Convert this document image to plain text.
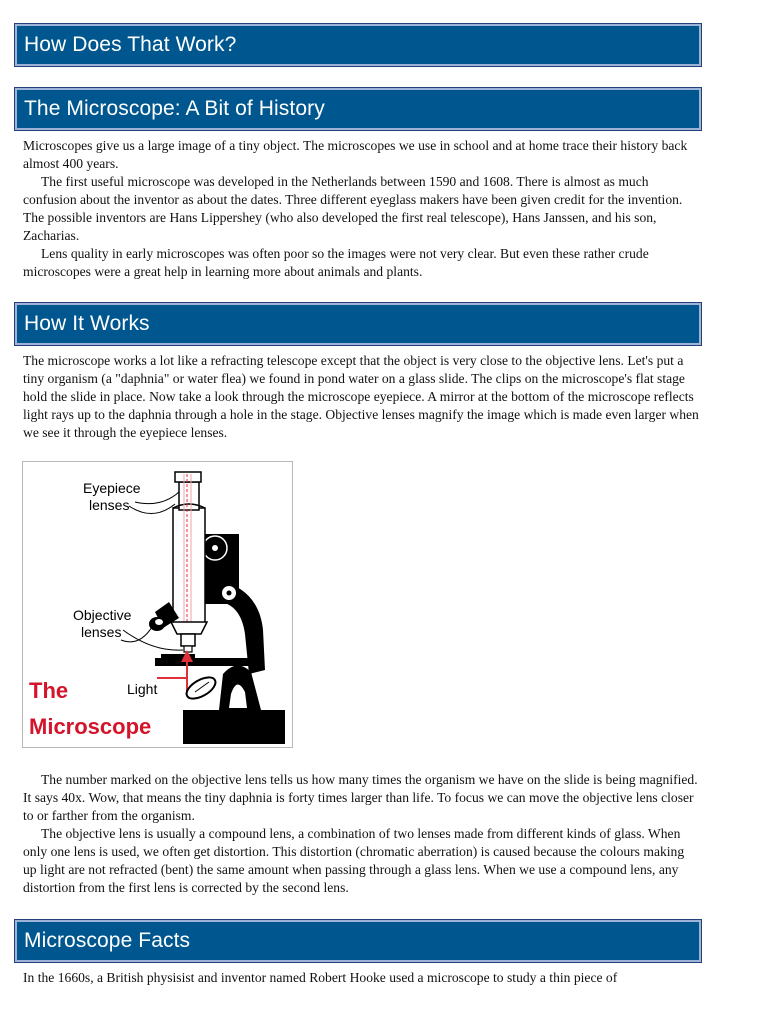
How Does That Work?
The Microscope: A Bit of History

Microscopes give us a large image of a tiny object. The microscopes we use in school and at home trace their history back almost 400 years.

The first useful microscope was developed in the Netherlands between 1590 and 1608. There is almost as much confusion about the inventor as about the dates. Three different eyeglass makers have been given credit for the invention. The possible inventors are Hans Lippershey (who also developed the first real telescope), Hans Janssen, and his son, Zacharias.

Lens quality in early microscopes was often poor so the images were not very clear. But even these rather crude microscopes were a great help in learning more about animals and plants.

How It Works

The microscope works a lot like a refracting telescope except that the object is very close to the objective lens. Let's put a tiny organism (a "daphnia" or water flea) we found in pond water on a glass slide. The clips on the microscope's flat stage hold the slide in place. Now take a look through the microscope eyepiece. A mirror at the bottom of the microscope reflects light rays up to the daphnia through a hole in the stage. Objective lenses magnify the image which is made even larger when we see it through the eyepiece lenses.

Eyepiece
lenses
Objective
lenses
Light
The
Microscope

The number marked on the objective lens tells us how many times the organism we have on the slide is being magnified. It says 40x. Wow, that means the tiny daphnia is forty times larger than life. To focus we can move the objective lens closer to or farther from the organism.

The objective lens is usually a compound lens, a combination of two lenses made from different kinds of glass. When only one lens is used, we often get distortion. This distortion (chromatic aberration) is caused because the colours making up light are not refracted (bent) the same amount when passing through a glass lens. When we use a compound lens, any distortion from the first lens is corrected by the second lens.

Microscope Facts

In the 1660s, a British physisist and inventor named Robert Hooke used a microscope to study a thin piece of
